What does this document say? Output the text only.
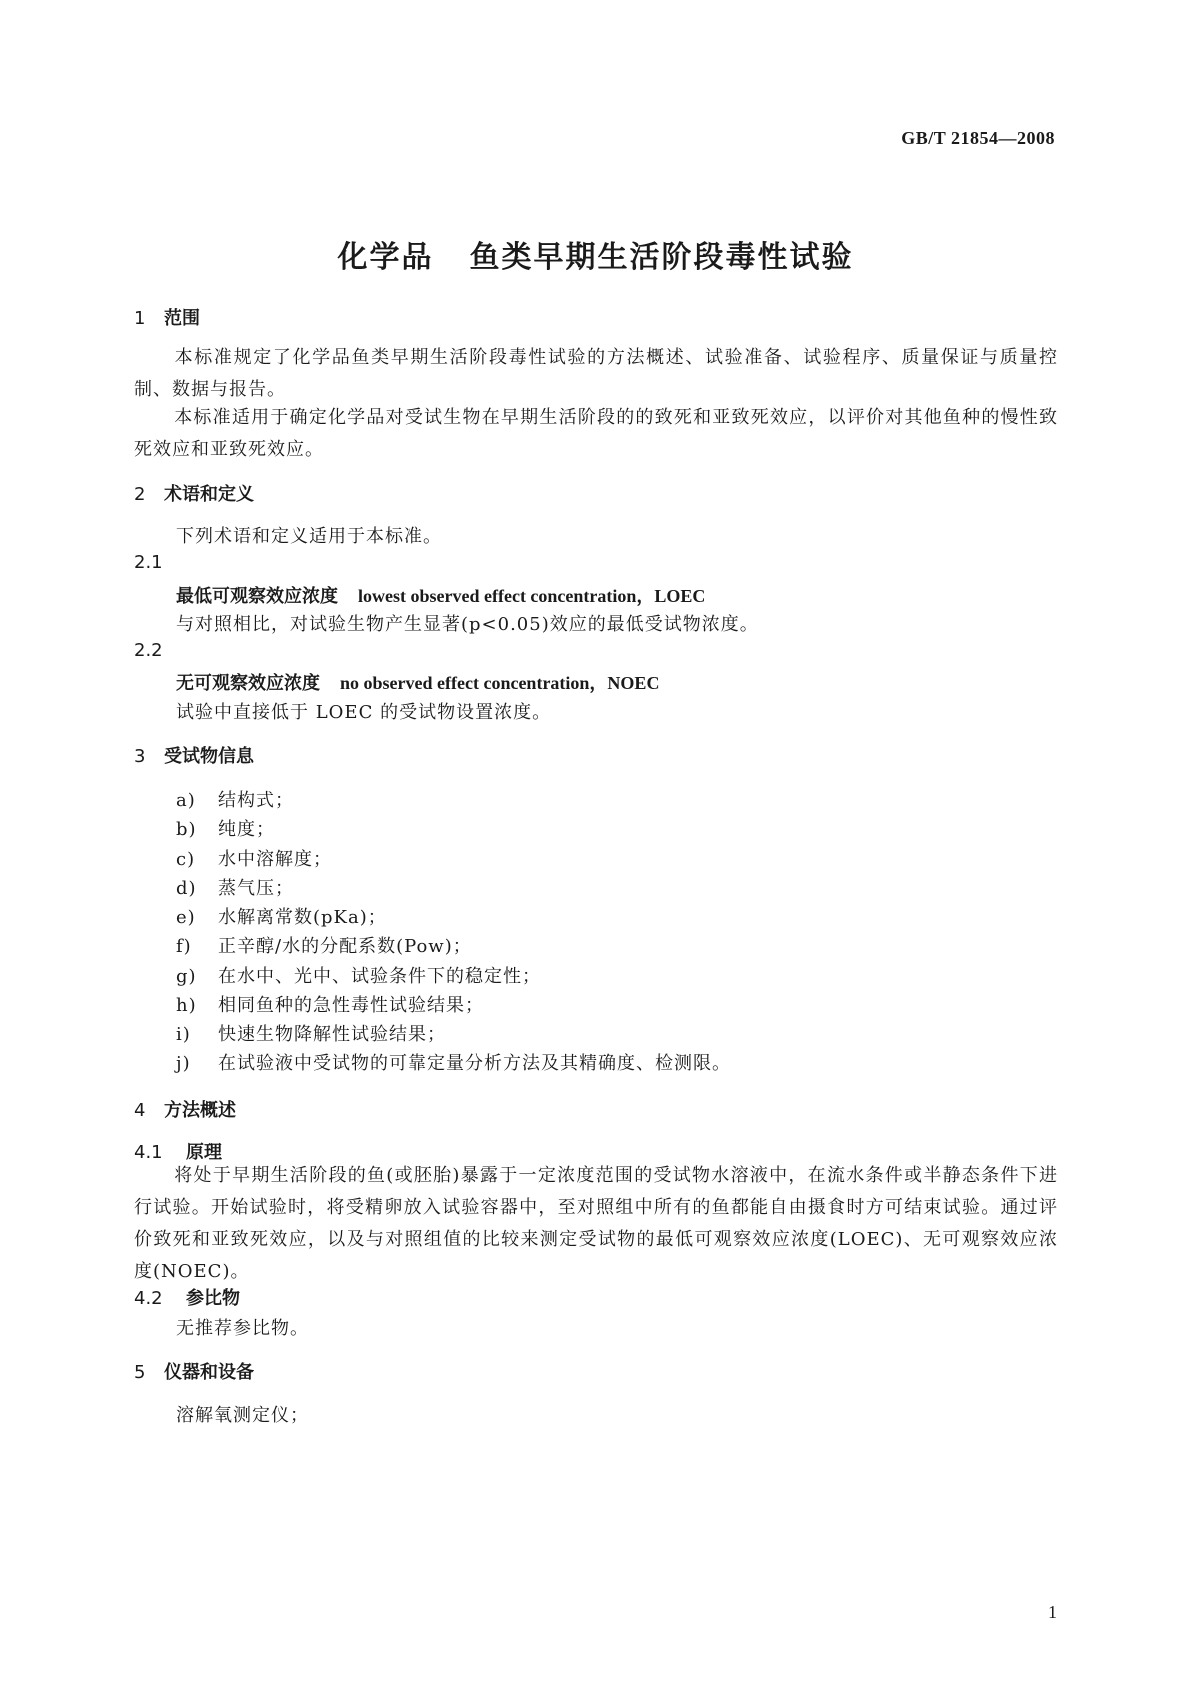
GB/T 21854—2008
化学品 鱼类早期生活阶段毒性试验
1 范围
本标准规定了化学品鱼类早期生活阶段毒性试验的方法概述、试验准备、试验程序、质量保证与质量控制、数据与报告。
本标准适用于确定化学品对受试生物在早期生活阶段的的致死和亚致死效应，以评价对其他鱼种的慢性致死效应和亚致死效应。
2 术语和定义
下列术语和定义适用于本标准。
2.1
最低可观察效应浓度 lowest observed effect concentration，LOEC
与对照相比，对试验生物产生显著(p<0.05)效应的最低受试物浓度。
2.2
无可观察效应浓度 no observed effect concentration，NOEC
试验中直接低于 LOEC 的受试物设置浓度。
3 受试物信息
a) 结构式；
b) 纯度；
c) 水中溶解度；
d) 蒸气压；
e) 水解离常数(pKa)；
f) 正辛醇/水的分配系数(Pow)；
g) 在水中、光中、试验条件下的稳定性；
h) 相同鱼种的急性毒性试验结果；
i) 快速生物降解性试验结果；
j) 在试验液中受试物的可靠定量分析方法及其精确度、检测限。
4 方法概述
4.1 原理
将处于早期生活阶段的鱼(或胚胎)暴露于一定浓度范围的受试物水溶液中，在流水条件或半静态条件下进行试验。开始试验时，将受精卵放入试验容器中，至对照组中所有的鱼都能自由摄食时方可结束试验。通过评价致死和亚致死效应，以及与对照组值的比较来测定受试物的最低可观察效应浓度(LOEC)、无可观察效应浓度(NOEC)。
4.2 参比物
无推荐参比物。
5 仪器和设备
溶解氧测定仪；
1
